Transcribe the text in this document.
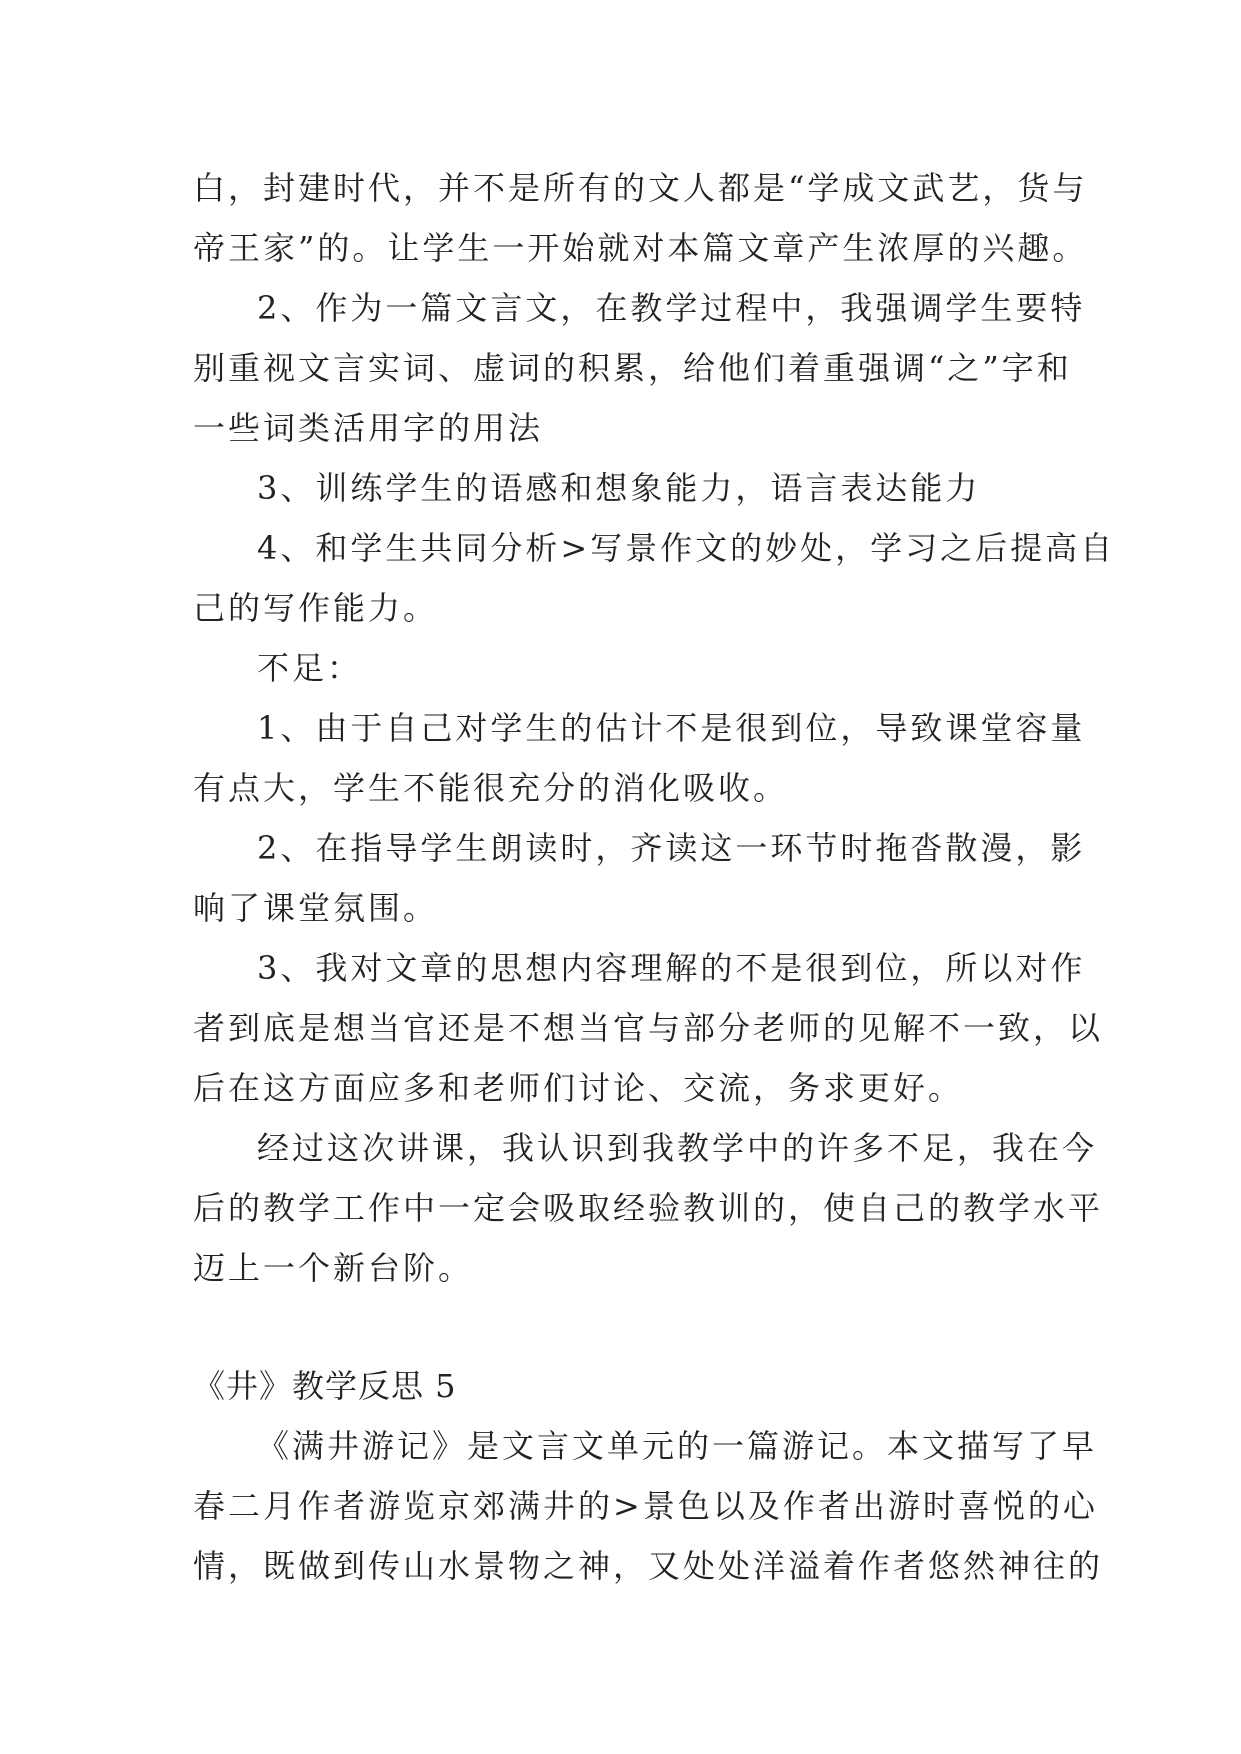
白，封建时代，并不是所有的文人都是“学成文武艺，货与
帝王家”的。让学生一开始就对本篇文章产生浓厚的兴趣。
2、作为一篇文言文，在教学过程中，我强调学生要特
别重视文言实词、虚词的积累，给他们着重强调“之”字和
一些词类活用字的用法
3、训练学生的语感和想象能力，语言表达能力
4、和学生共同分析>写景作文的妙处，学习之后提高自
己的写作能力。
不足：
1、由于自己对学生的估计不是很到位，导致课堂容量
有点大，学生不能很充分的消化吸收。
2、在指导学生朗读时，齐读这一环节时拖沓散漫，影
响了课堂氛围。
3、我对文章的思想内容理解的不是很到位，所以对作
者到底是想当官还是不想当官与部分老师的见解不一致，以
后在这方面应多和老师们讨论、交流，务求更好。
经过这次讲课，我认识到我教学中的许多不足，我在今
后的教学工作中一定会吸取经验教训的，使自己的教学水平
迈上一个新台阶。
《井》教学反思 5
《满井游记》是文言文单元的一篇游记。本文描写了早
春二月作者游览京郊满井的>景色以及作者出游时喜悦的心
情，既做到传山水景物之神，又处处洋溢着作者悠然神往的
